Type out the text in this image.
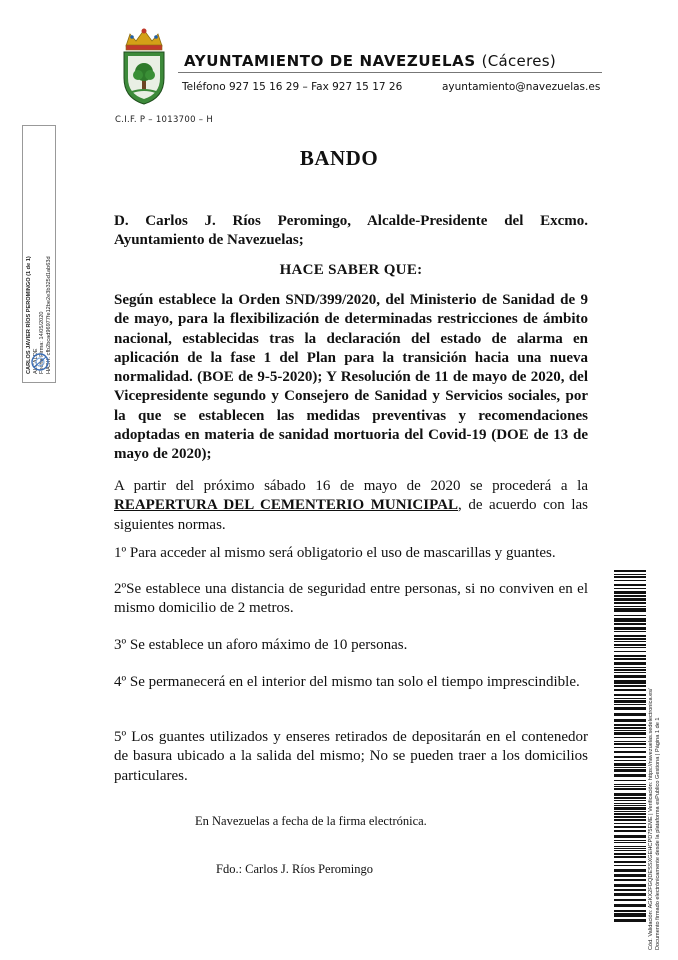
AYUNTAMIENTO DE NAVEZUELAS (Cáceres)
Teléfono 927 15 16 29 – Fax 927 15 17 26	ayuntamiento@navezuelas.es
C.I.F. P – 1013700 – H
CARLOS JAVIER RÍOS PEROMINGO (1 de 1) ALCALDE Fecha Firma: 14/05/2020 HASH: cfb2bcad96977fe12be2e3b325d1ab63d
Cód. Validación: AGKX2FGQDESSXGEHCPD75EME | Verificación: https://navezuelas.sedelectronica.es/ Documento firmado electrónicamente desde la plataforma esPublico Gestiona | Página 1 de 1
BANDO
D. Carlos J. Ríos Peromingo, Alcalde-Presidente del Excmo. Ayuntamiento de Navezuelas;
HACE SABER QUE:
Según establece la Orden SND/399/2020, del Ministerio de Sanidad de 9 de mayo, para la flexibilización de determinadas restricciones de ámbito nacional, establecidas tras la declaración del estado de alarma en aplicación de la fase 1 del Plan para la transición hacia una nueva normalidad. (BOE de 9-5-2020); Y Resolución de 11 de mayo de 2020, del Vicepresidente segundo y Consejero de Sanidad y Servicios sociales, por la que se establecen las medidas preventivas y recomendaciones adoptadas en materia de sanidad mortuoria del Covid-19 (DOE de 13 de mayo de 2020);
A partir del próximo sábado 16 de mayo de 2020 se procederá a la REAPERTURA DEL CEMENTERIO MUNICIPAL, de acuerdo con las siguientes normas.
1º Para acceder al mismo será obligatorio el uso de mascarillas y guantes.
2ºSe establece una distancia de seguridad entre personas, si no conviven en el mismo domicilio de 2 metros.
3º Se establece un aforo máximo de 10 personas.
4º Se permanecerá en el interior del mismo tan solo el tiempo imprescindible.
5º Los guantes utilizados y enseres retirados de depositarán en el contenedor de basura ubicado a la salida del mismo; No se pueden traer a los domicilios particulares.
En Navezuelas a fecha de la firma electrónica.
Fdo.: Carlos J. Ríos Peromingo
